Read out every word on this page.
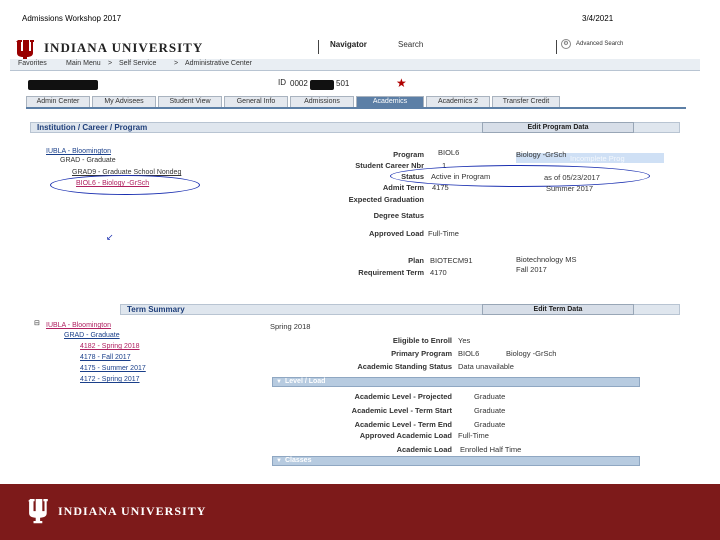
Admissions Workshop 2017	3/4/2021
INDIANA UNIVERSITY	Navigator	Search	⚙	Advanced Search
Favorites	Main Menu > Self Service	> Administrative Center
ID 0002	501	★
Admin Center	My Advisees	Student View	General Info	Admissions	Academics	Academics 2	Transfer Credit
Institution / Career / Program	Edit Program Data
IUBLA - Bloomington
GRAD - Graduate
GRAD9 - Graduate School Nondeg
BIOL6 - Biology -GrSch
Incomplete Prog
Program BIOL6	Biology -GrSch
Student Career Nbr 1
Status Active in Program	as of 05/23/2017
Admit Term 4175	Summer 2017
Expected Graduation
Degree Status
Approved Load Full-Time
↙
Plan BIOTECM91	Biotechnology MS
Requirement Term 4170	Fall 2017
Term Summary	Edit Term Data
⊟ IUBLA - Bloomington
GRAD - Graduate
4182 - Spring 2018
4178 - Fall 2017
4175 - Summer 2017
4172 - Spring 2017
Spring 2018
Eligible to Enroll Yes
Primary Program BIOL6	Biology -GrSch
Academic Standing Status Data unavailable
▼ Level / Load
Academic Level - Projected	Graduate
Academic Level - Term Start	Graduate
Academic Level - Term End	Graduate
Approved Academic Load Full-Time
Academic Load Enrolled Half Time
▼ Classes
INDIANA UNIVERSITY
